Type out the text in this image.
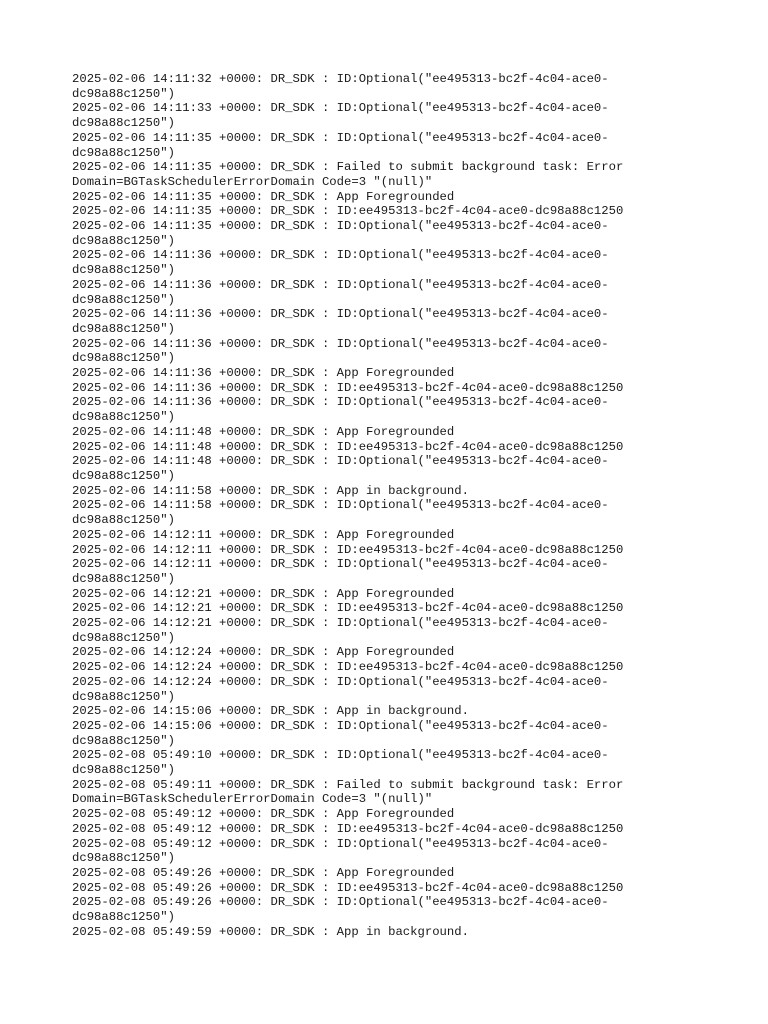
2025-02-06 14:11:32 +0000: DR_SDK : ID:Optional("ee495313-bc2f-4c04-ace0-

dc98a88c1250")

2025-02-06 14:11:33 +0000: DR_SDK : ID:Optional("ee495313-bc2f-4c04-ace0-

dc98a88c1250")

2025-02-06 14:11:35 +0000: DR_SDK : ID:Optional("ee495313-bc2f-4c04-ace0-

dc98a88c1250")

2025-02-06 14:11:35 +0000: DR_SDK : Failed to submit background task: Error

Domain=BGTaskSchedulerErrorDomain Code=3 "(null)"

2025-02-06 14:11:35 +0000: DR_SDK : App Foregrounded

2025-02-06 14:11:35 +0000: DR_SDK : ID:ee495313-bc2f-4c04-ace0-dc98a88c1250

2025-02-06 14:11:35 +0000: DR_SDK : ID:Optional("ee495313-bc2f-4c04-ace0-

dc98a88c1250")

2025-02-06 14:11:36 +0000: DR_SDK : ID:Optional("ee495313-bc2f-4c04-ace0-

dc98a88c1250")

2025-02-06 14:11:36 +0000: DR_SDK : ID:Optional("ee495313-bc2f-4c04-ace0-

dc98a88c1250")

2025-02-06 14:11:36 +0000: DR_SDK : ID:Optional("ee495313-bc2f-4c04-ace0-

dc98a88c1250")

2025-02-06 14:11:36 +0000: DR_SDK : ID:Optional("ee495313-bc2f-4c04-ace0-

dc98a88c1250")

2025-02-06 14:11:36 +0000: DR_SDK : App Foregrounded

2025-02-06 14:11:36 +0000: DR_SDK : ID:ee495313-bc2f-4c04-ace0-dc98a88c1250

2025-02-06 14:11:36 +0000: DR_SDK : ID:Optional("ee495313-bc2f-4c04-ace0-

dc98a88c1250")

2025-02-06 14:11:48 +0000: DR_SDK : App Foregrounded

2025-02-06 14:11:48 +0000: DR_SDK : ID:ee495313-bc2f-4c04-ace0-dc98a88c1250

2025-02-06 14:11:48 +0000: DR_SDK : ID:Optional("ee495313-bc2f-4c04-ace0-

dc98a88c1250")

2025-02-06 14:11:58 +0000: DR_SDK : App in background.

2025-02-06 14:11:58 +0000: DR_SDK : ID:Optional("ee495313-bc2f-4c04-ace0-

dc98a88c1250")

2025-02-06 14:12:11 +0000: DR_SDK : App Foregrounded

2025-02-06 14:12:11 +0000: DR_SDK : ID:ee495313-bc2f-4c04-ace0-dc98a88c1250

2025-02-06 14:12:11 +0000: DR_SDK : ID:Optional("ee495313-bc2f-4c04-ace0-

dc98a88c1250")

2025-02-06 14:12:21 +0000: DR_SDK : App Foregrounded

2025-02-06 14:12:21 +0000: DR_SDK : ID:ee495313-bc2f-4c04-ace0-dc98a88c1250

2025-02-06 14:12:21 +0000: DR_SDK : ID:Optional("ee495313-bc2f-4c04-ace0-

dc98a88c1250")

2025-02-06 14:12:24 +0000: DR_SDK : App Foregrounded

2025-02-06 14:12:24 +0000: DR_SDK : ID:ee495313-bc2f-4c04-ace0-dc98a88c1250

2025-02-06 14:12:24 +0000: DR_SDK : ID:Optional("ee495313-bc2f-4c04-ace0-

dc98a88c1250")

2025-02-06 14:15:06 +0000: DR_SDK : App in background.

2025-02-06 14:15:06 +0000: DR_SDK : ID:Optional("ee495313-bc2f-4c04-ace0-

dc98a88c1250")

2025-02-08 05:49:10 +0000: DR_SDK : ID:Optional("ee495313-bc2f-4c04-ace0-

dc98a88c1250")

2025-02-08 05:49:11 +0000: DR_SDK : Failed to submit background task: Error

Domain=BGTaskSchedulerErrorDomain Code=3 "(null)"

2025-02-08 05:49:12 +0000: DR_SDK : App Foregrounded

2025-02-08 05:49:12 +0000: DR_SDK : ID:ee495313-bc2f-4c04-ace0-dc98a88c1250

2025-02-08 05:49:12 +0000: DR_SDK : ID:Optional("ee495313-bc2f-4c04-ace0-

dc98a88c1250")

2025-02-08 05:49:26 +0000: DR_SDK : App Foregrounded

2025-02-08 05:49:26 +0000: DR_SDK : ID:ee495313-bc2f-4c04-ace0-dc98a88c1250

2025-02-08 05:49:26 +0000: DR_SDK : ID:Optional("ee495313-bc2f-4c04-ace0-

dc98a88c1250")

2025-02-08 05:49:59 +0000: DR_SDK : App in background.
